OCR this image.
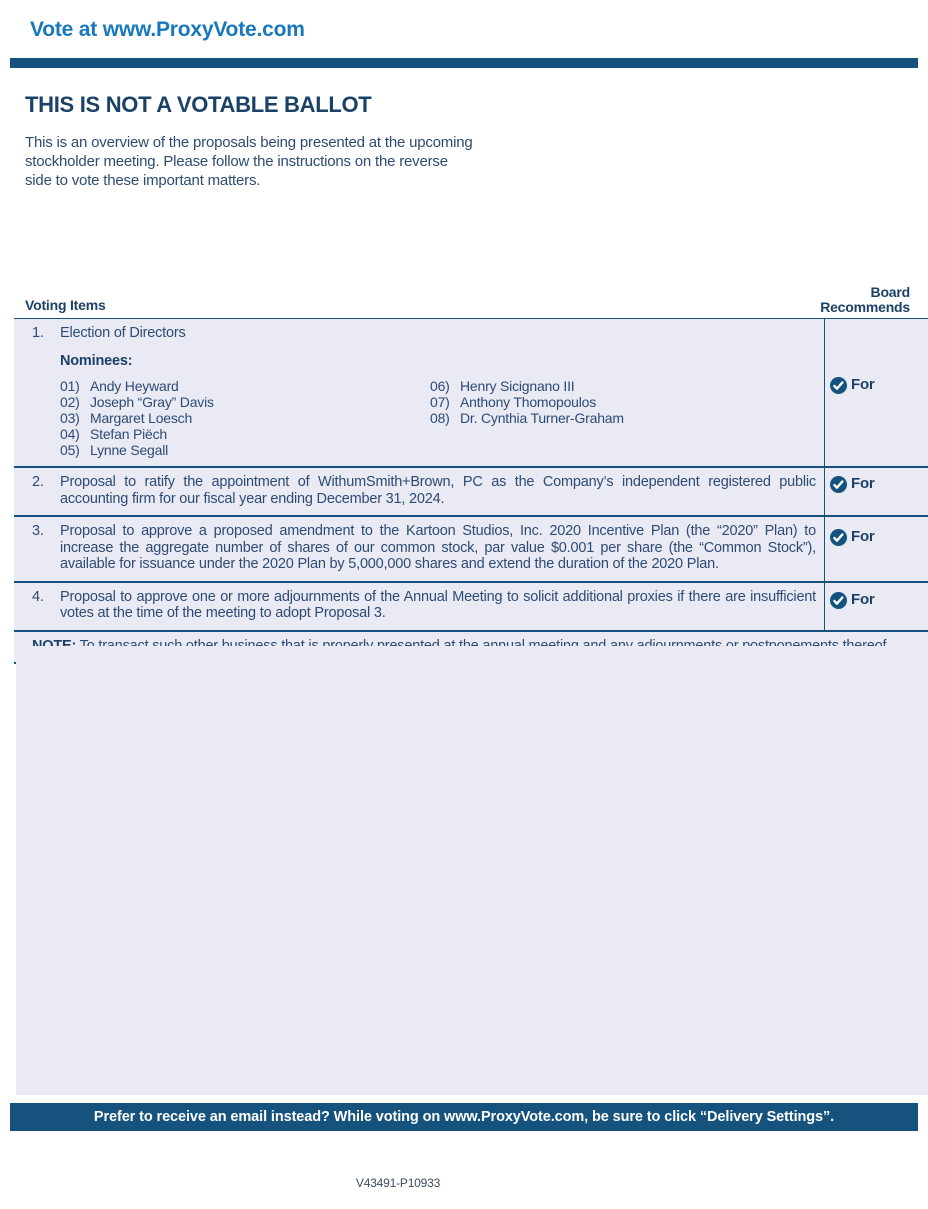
Vote at www.ProxyVote.com
THIS IS NOT A VOTABLE BALLOT
This is an overview of the proposals being presented at the upcoming stockholder meeting. Please follow the instructions on the reverse side to vote these important matters.
Voting Items
Board
Recommends
1.	Election of Directors
Nominees:
01) Andy Heyward
02) Joseph “Gray” Davis
03) Margaret Loesch
04) Stefan Piëch
05) Lynne Segall
06) Henry Sicignano III
07) Anthony Thomopoulos
08) Dr. Cynthia Turner-Graham
For
2.	Proposal to ratify the appointment of WithumSmith+Brown, PC as the Company’s independent registered public accounting firm for our fiscal year ending December 31, 2024.
For
3.	Proposal to approve a proposed amendment to the Kartoon Studios, Inc. 2020 Incentive Plan (the “2020” Plan) to increase the aggregate number of shares of our common stock, par value $0.001 per share (the “Common Stock”), available for issuance under the 2020 Plan by 5,000,000 shares and extend the duration of the 2020 Plan.
For
4.	Proposal to approve one or more adjournments of the Annual Meeting to solicit additional proxies if there are insufficient votes at the time of the meeting to adopt Proposal 3.
For
Prefer to receive an email instead? While voting on www.ProxyVote.com, be sure to click “Delivery Settings”.
V43491-P10933
